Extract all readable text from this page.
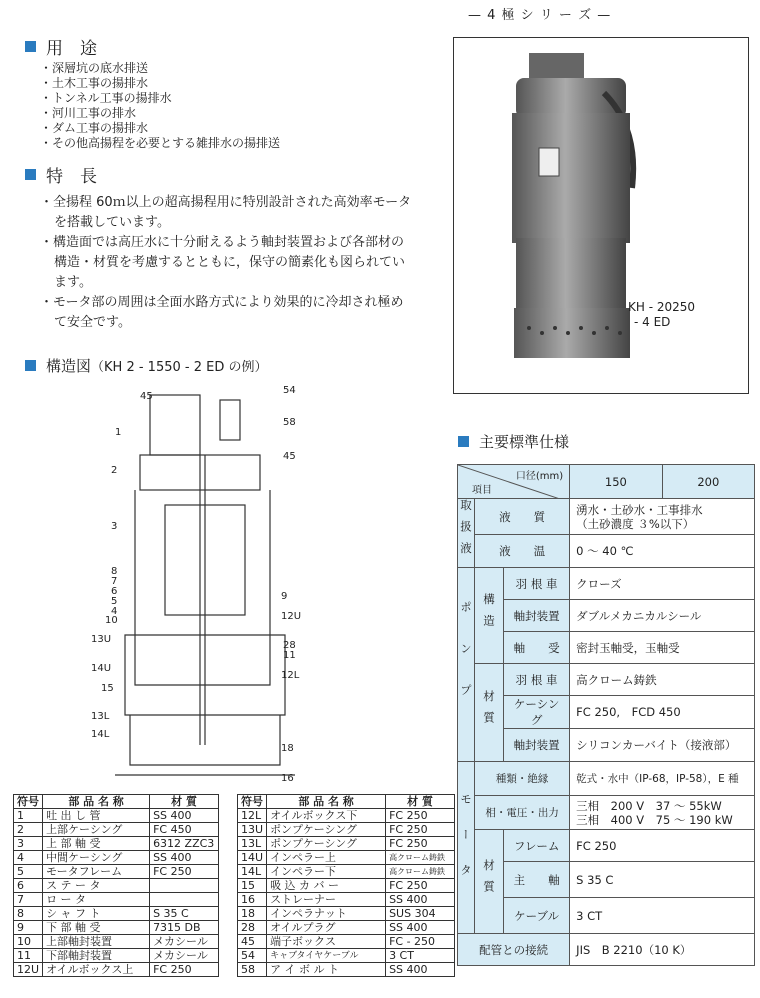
— 4 極 シ リ ー ズ —
用　途
・深層坑の底水排送
・土木工事の揚排水
・トンネル工事の揚排水
・河川工事の排水
・ダム工事の揚排水
・その他高揚程を必要とする雑排水の揚排送
特　長
・全揚程 60ｍ以上の超高揚程用に特別設計された高効率モータを搭載しています。
・構造面では高圧水に十分耐えるよう軸封装置および各部材の構造・材質を考慮するとともに，保守の簡素化も図られています。
・モータ部の周囲は全面水路方式により効果的に冷却され極めて安全です。
構造図 （KH 2 - 1550 - 2 ED の例）
KH - 20250
- 4 ED
45
54
1
58
45
2
3
8
7
6
5
4
9
10	12U
13U
28
11
14U
12L
15
13L
14L
18
16
符号	部 品 名 称	材 質
1	吐 出 し 管	SS 400
2	上部ケーシング	FC 450
3	上 部 軸 受	6312 ZZC3
4	中間ケーシング	SS 400
5	モータフレーム	FC 250
6	ス テ ー タ	
7	ロ ー タ	
8	シ ャ フ ト	S 35 C
9	下 部 軸 受	7315 DB
10	上部軸封装置	メカシール
11	下部軸封装置	メカシール
12U	オイルボックス上	FC 250
符号	部 品 名 称	材 質
12L	オイルボックス下	FC 250
13U	ポンプケーシング	FC 250
13L	ポンプケーシング	FC 250
14U	インペラー上	高クローム鋳鉄
14L	インペラー下	高クローム鋳鉄
15	吸 込 カ バ ー	FC 250
16	ストレーナー	SS 400
18	インペラナット	SUS 304
28	オイルプラグ	SS 400
45	端子ボックス	FC - 250
54	キャブタイヤケーブル	3 CT
58	ア イ ボ ル ト	SS 400
主要標準仕様
口径(mm)
項目			150	200
取扱液	液　　質		湧水・土砂水・工事排水
（土砂濃度 ３%以下）	

	液　　温		0 ～ 40 ℃	
ポンプ	構造	羽 根 車	クローズ	
		軸封装置	ダブルメカニカルシール	
		軸　　受	密封玉軸受，玉軸受	
	材質	羽 根 車	高クローム鋳鉄	
		ケーシング	FC 250,　FCD 450	
		軸封装置	シリコンカーバイト（接液部）	
モータ	種類・絶縁		乾式・水中（IP-68，IP-58），E 種	
	相・電圧・出力		三相　200 V　37 ～ 55kW
三相　400 V　75 ～ 190 kW	

	材質	フレーム	FC 250	
		主　　軸	S 35 C	
		ケーブル	3 CT	
配管との接続			JIS　B 2210（10 K）	
